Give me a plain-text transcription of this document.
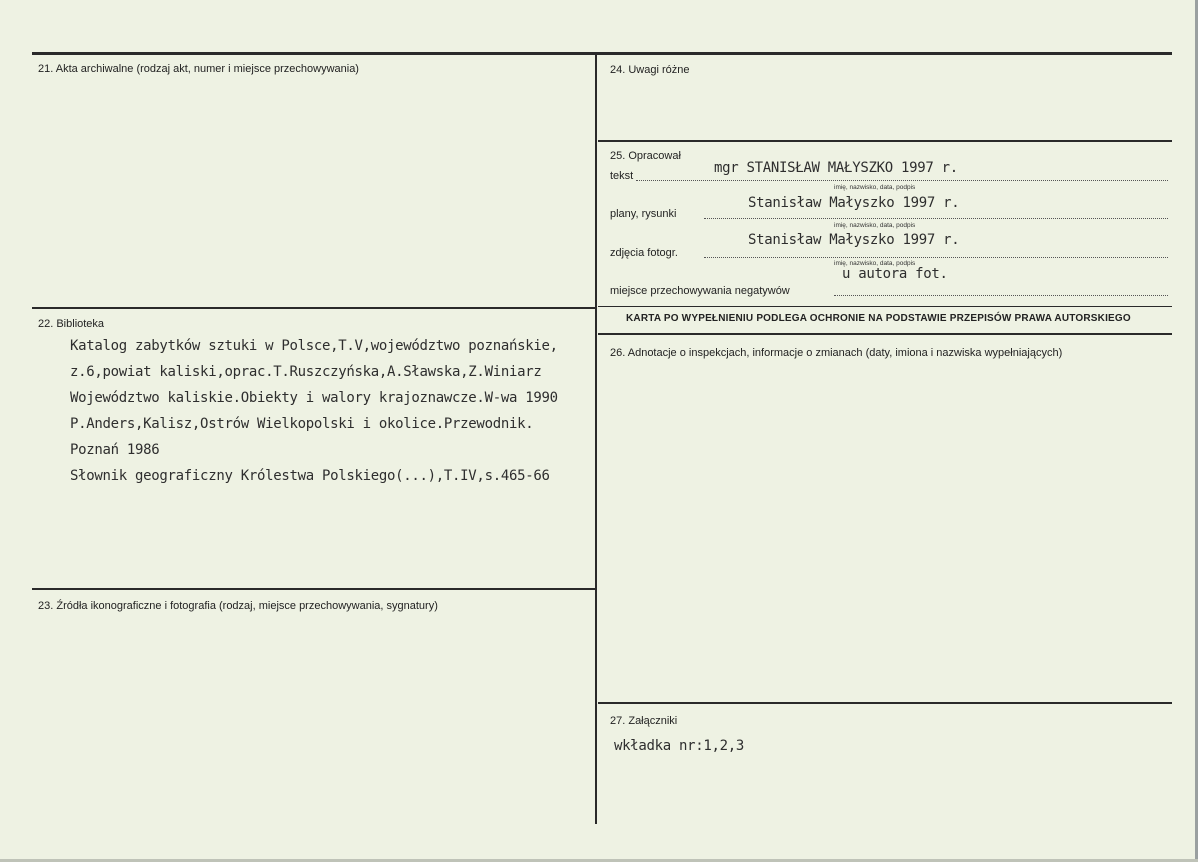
21. Akta archiwalne (rodzaj akt, numer i miejsce przechowywania)
22. Biblioteka
Katalog zabytków sztuki w Polsce,T.V,województwo poznańskie,
z.6,powiat kaliski,oprac.T.Ruszczyńska,A.Sławska,Z.Winiarz
Województwo kaliskie.Obiekty i walory krajoznawcze.W-wa 1990
P.Anders,Kalisz,Ostrów Wielkopolski i okolice.Przewodnik.
Poznań 1986
Słownik geograficzny Królestwa Polskiego(...),T.IV,s.465-66
23. Źródła ikonograficzne i fotografia (rodzaj, miejsce przechowywania, sygnatury)
24. Uwagi różne
25. Opracował
tekst	mgr STANISŁAW MAŁYSZKO 1997 r.
imię, nazwisko, data, podpis
plany, rysunki
Stanisław Małyszko 1997 r.
imię, nazwisko, data, podpis
zdjęcia fotogr.
Stanisław Małyszko 1997 r.
imię, nazwisko, data, podpis
miejsce przechowywania negatywów
u autora fot.
KARTA PO WYPEŁNIENIU PODLEGA OCHRONIE NA PODSTAWIE PRZEPISÓW PRAWA AUTORSKIEGO
26. Adnotacje o inspekcjach, informacje o zmianach (daty, imiona i nazwiska wypełniających)
27. Załączniki
wkładka nr:1,2,3
